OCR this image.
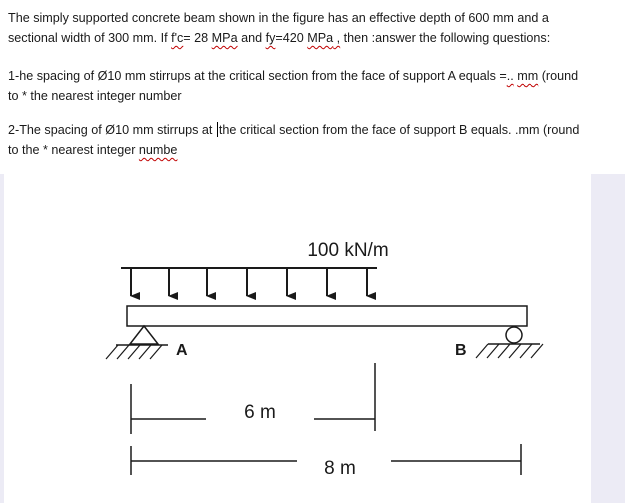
The simply supported concrete beam shown in the figure has an effective depth of 600 mm and a
sectional width of 300 mm. If f'c= 28 MPa and fy=420 MPa , then :answer the following questions:
1-he spacing of Ø10 mm stirrups at the critical section from the face of support A equals =.. mm (round
to * the nearest integer number
2-The spacing of Ø10 mm stirrups at the critical section from the face of support B equals. .mm (round
to the * nearest integer numbe
100 kN/m
A	B
6 m
8 m
